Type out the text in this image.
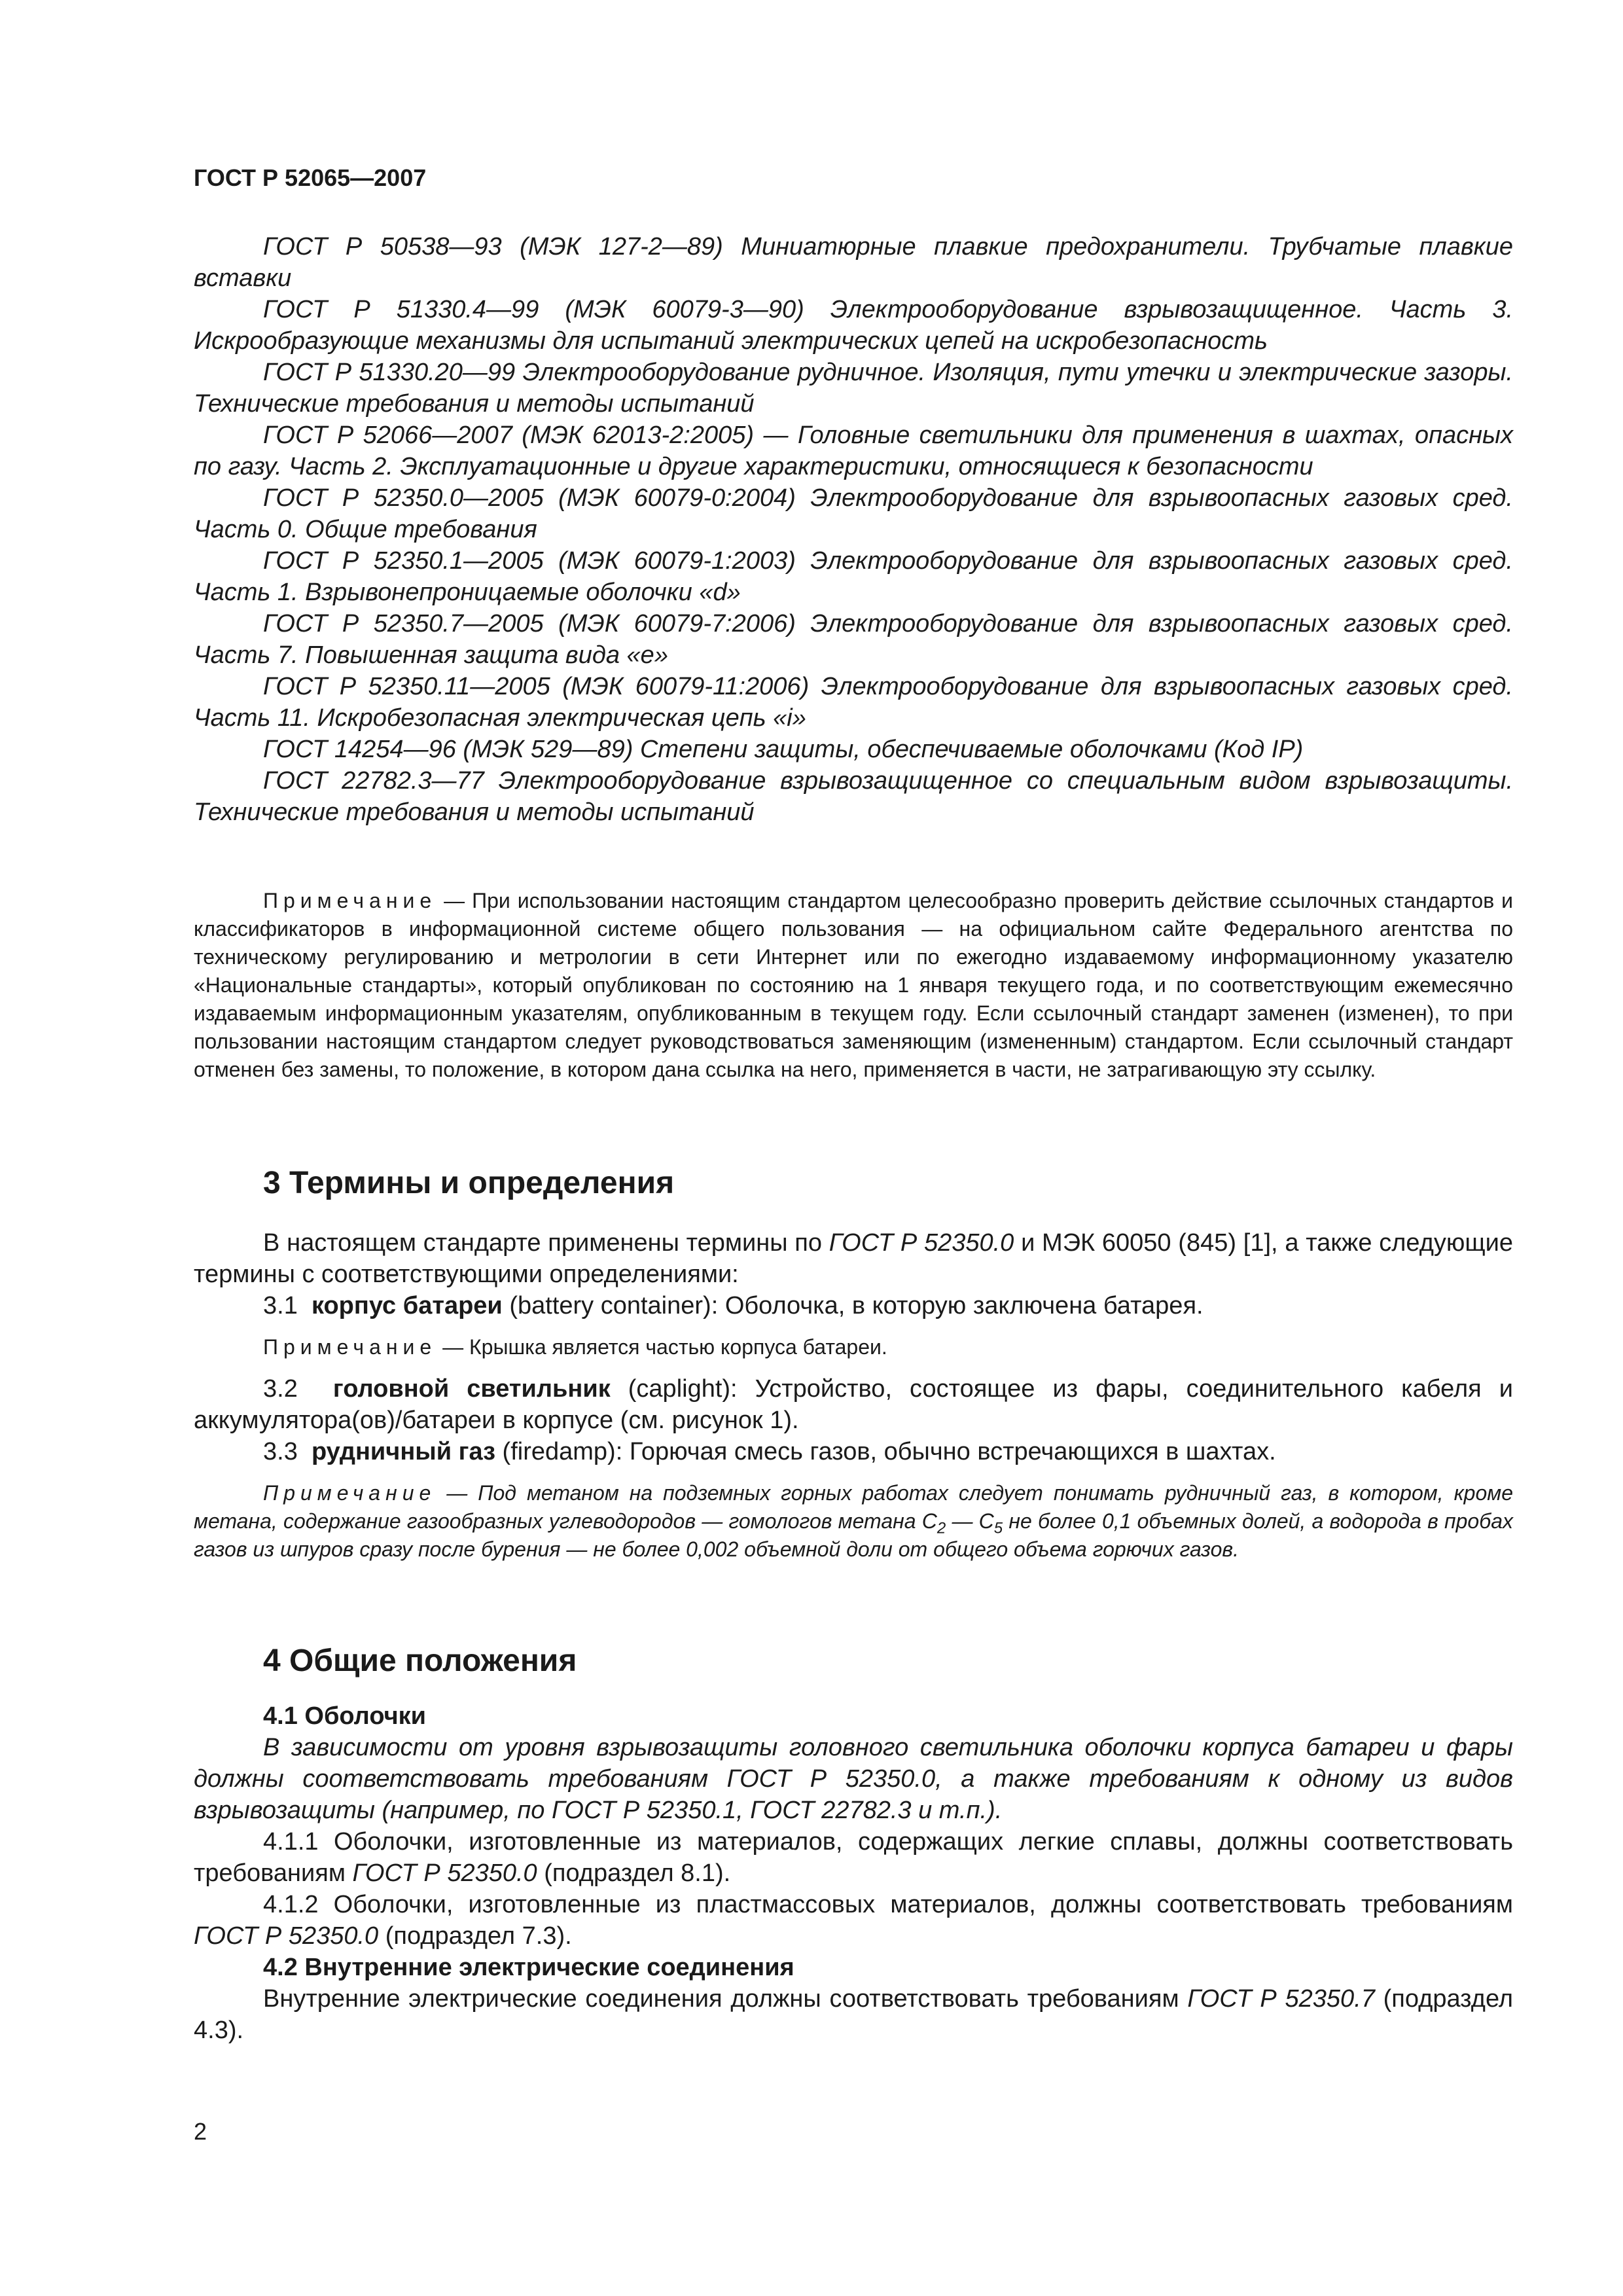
ГОСТ Р 52065—2007

ГОСТ Р 50538—93 (МЭК 127-2—89) Миниатюрные плавкие предохранители. Трубчатые плавкие вставки

ГОСТ Р 51330.4—99 (МЭК 60079-3—90) Электрооборудование взрывозащищенное. Часть 3. Искрообразующие механизмы для испытаний электрических цепей на искробезопасность

ГОСТ Р 51330.20—99 Электрооборудование рудничное. Изоляция, пути утечки и электрические зазоры. Технические требования и методы испытаний

ГОСТ Р 52066—2007 (МЭК 62013-2:2005) — Головные светильники для применения в шахтах, опасных по газу. Часть 2. Эксплуатационные и другие характеристики, относящиеся к безопасности

ГОСТ Р 52350.0—2005 (МЭК 60079-0:2004) Электрооборудование для взрывоопасных газовых сред. Часть 0. Общие требования

ГОСТ Р 52350.1—2005 (МЭК 60079-1:2003) Электрооборудование для взрывоопасных газовых сред. Часть 1. Взрывонепроницаемые оболочки «d»

ГОСТ Р 52350.7—2005 (МЭК 60079-7:2006) Электрооборудование для взрывоопасных газовых сред. Часть 7. Повышенная защита вида «е»

ГОСТ Р 52350.11—2005 (МЭК 60079-11:2006) Электрооборудование для взрывоопасных газовых сред. Часть 11. Искробезопасная электрическая цепь «i»

ГОСТ 14254—96 (МЭК 529—89) Степени защиты, обеспечиваемые оболочками (Код IP)

ГОСТ 22782.3—77 Электрооборудование взрывозащищенное со специальным видом взрывозащиты. Технические требования и методы испытаний

Примечание — При использовании настоящим стандартом целесообразно проверить действие ссылочных стандартов и классификаторов в информационной системе общего пользования — на официальном сайте Федерального агентства по техническому регулированию и метрологии в сети Интернет или по ежегодно издаваемому информационному указателю «Национальные стандарты», который опубликован по состоянию на 1 января текущего года, и по соответствующим ежемесячно издаваемым информационным указателям, опубликованным в текущем году. Если ссылочный стандарт заменен (изменен), то при пользовании настоящим стандартом следует руководствоваться заменяющим (измененным) стандартом. Если ссылочный стандарт отменен без замены, то положение, в котором дана ссылка на него, применяется в части, не затрагивающую эту ссылку.

3 Термины и определения

В настоящем стандарте применены термины по ГОСТ Р 52350.0 и МЭК 60050 (845) [1], а также следующие термины с соответствующими определениями:

3.1 корпус батареи (battery container): Оболочка, в которую заключена батарея.

Примечание — Крышка является частью корпуса батареи.

3.2 головной светильник (caplight): Устройство, состоящее из фары, соединительного кабеля и аккумулятора(ов)/батареи в корпусе (см. рисунок 1).

3.3 рудничный газ (firedamp): Горючая смесь газов, обычно встречающихся в шахтах.

Примечание — Под метаном на подземных горных работах следует понимать рудничный газ, в котором, кроме метана, содержание газообразных углеводородов — гомологов метана $C_2$ — $C_5$ не более 0,1 объемных долей, а водорода в пробах газов из шпуров сразу после бурения — не более 0,002 объемной доли от общего объема горючих газов.

4 Общие положения

4.1 Оболочки

В зависимости от уровня взрывозащиты головного светильника оболочки корпуса батареи и фары должны соответствовать требованиям ГОСТ Р 52350.0, а также требованиям к одному из видов взрывозащиты (например, по ГОСТ Р 52350.1, ГОСТ 22782.3 и т.п.).

4.1.1 Оболочки, изготовленные из материалов, содержащих легкие сплавы, должны соответствовать требованиям ГОСТ Р 52350.0 (подраздел 8.1).

4.1.2 Оболочки, изготовленные из пластмассовых материалов, должны соответствовать требованиям ГОСТ Р 52350.0 (подраздел 7.3).

4.2 Внутренние электрические соединения

Внутренние электрические соединения должны соответствовать требованиям ГОСТ Р 52350.7 (подраздел 4.3).

2
